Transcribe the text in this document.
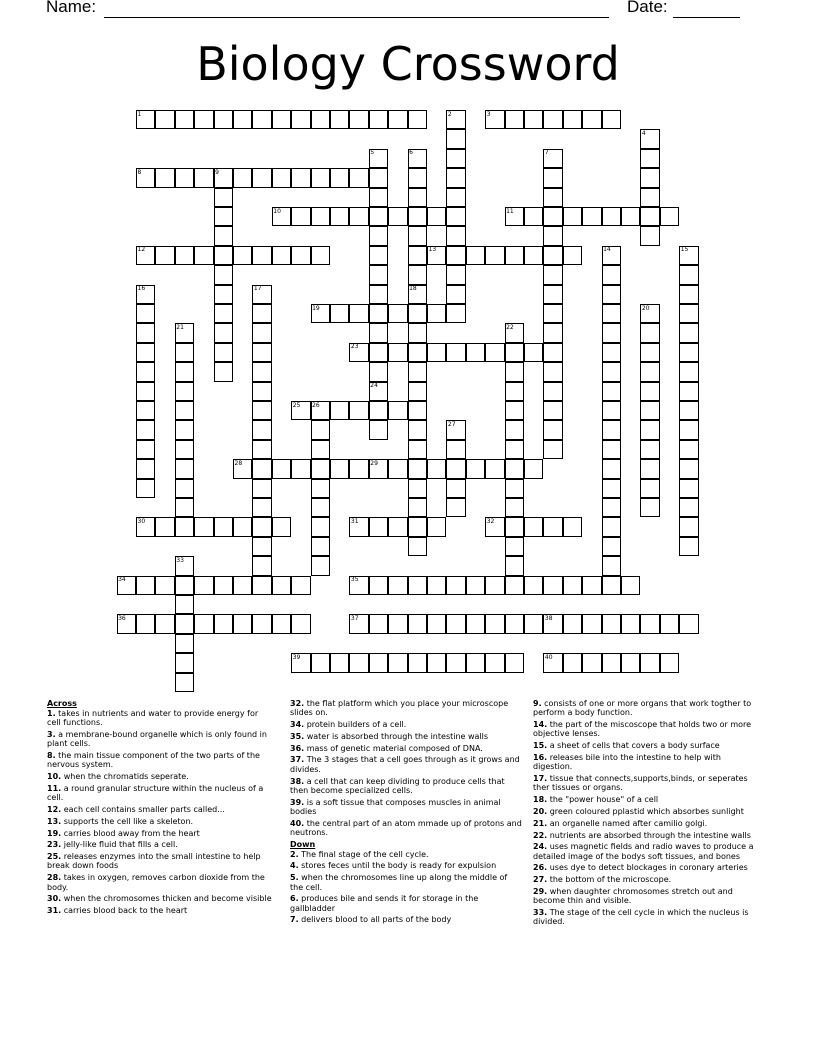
Name:	Date:
Biology Crossword
1	2	3
4
5	6	7
8	9
10	11
12	13	14	15
16	17	18
19	20
21	22
23
24
25 26
27
28	29
30	31	32
33
34	35
36	37	38
39	40
Across
1. takes in nutrients and water to provide energy for cell functions.
3. a membrane-bound organelle which is only found in plant cells.
8. the main tissue component of the two parts of the nervous system.
10. when the chromatids seperate.
11. a round granular structure within the nucleus of a cell.
12. each cell contains smaller parts called...
13. supports the cell like a skeleton.
19. carries blood away from the heart
23. jelly-like fluid that fills a cell.
25. releases enzymes into the small intestine to help break down foods
28. takes in oxygen, removes carbon dioxide from the body.
30. when the chromosomes thicken and become visible
31. carries blood back to the heart
32. the flat platform which you place your microscope slides on.
34. protein builders of a cell.
35. water is absorbed through the intestine walls
36. mass of genetic material composed of DNA.
37. The 3 stages that a cell goes through as it grows and divides.
38. a cell that can keep dividing to produce cells that then become specialized cells.
39. is a soft tissue that composes muscles in animal bodies
40. the central part of an atom mmade up of protons and neutrons.
Down
2. The final stage of the cell cycle.
4. stores feces until the body is ready for expulsion
5. when the chromosomes line up along the middle of the cell.
6. produces bile and sends it for storage in the gallbladder
7. delivers blood to all parts of the body
9. consists of one or more organs that work togther to perform a body function.
14. the part of the miscoscope that holds two or more objective lenses.
15. a sheet of cells that covers a body surface
16. releases bile into the intestine to help with digestion.
17. tissue that connects,supports,binds, or seperates ther tissues or organs.
18. the "power house" of a cell
20. green coloured pplastid which absorbes sunlight
21. an organelle named after camilio golgi.
22. nutrients are absorbed through the intestine walls
24. uses magnetic fields and radio waves to produce a detailed image of the bodys soft tissues, and bones
26. uses dye to detect blockages in coronary arteries
27. the bottom of the microscope.
29. when daughter chromosomes stretch out and become thin and visible.
33. The stage of the cell cycle in which the nucleus is divided.
